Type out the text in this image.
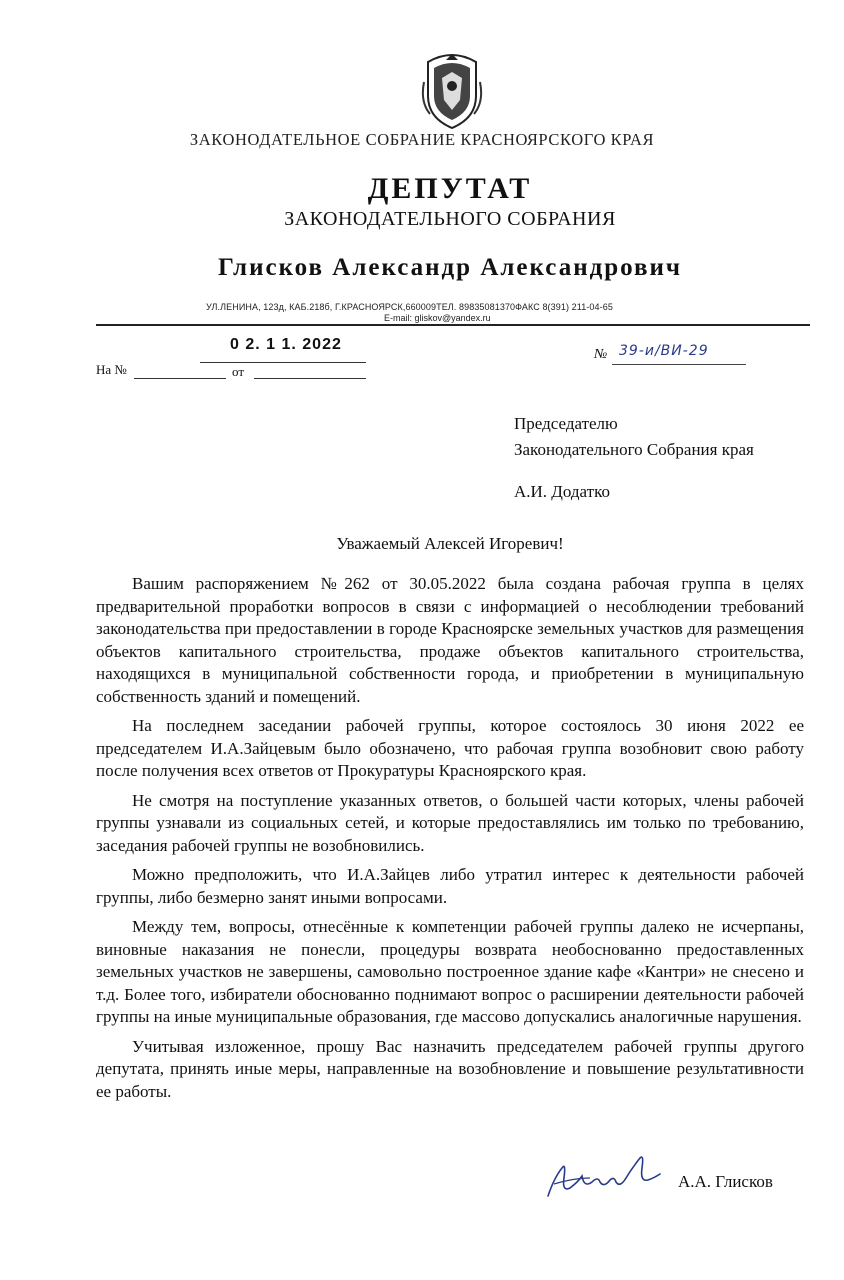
ЗАКОНОДАТЕЛЬНОЕ СОБРАНИЕ КРАСНОЯРСКОГО КРАЯ
ДЕПУТАТ
ЗАКОНОДАТЕЛЬНОГО СОБРАНИЯ
Глисков Александр Александрович
УЛ.ЛЕНИНА, 123д, КАБ.218б, Г.КРАСНОЯРСК,660009ТЕЛ. 89835081370ФАКС 8(391) 211-04-65
E-mail: gliskov@yandex.ru
0 2. 1 1. 2022
На №	от
№ 39-и/ВИ-29
Председателю
Законодательного Собрания края
А.И. Додатко
Уважаемый Алексей Игоревич!

Вашим распоряжением №262 от 30.05.2022 была создана рабочая группа в целях предварительной проработки вопросов в связи с информацией о несоблюдении требований законодательства при предоставлении в городе Красноярске земельных участков для размещения объектов капитального строительства, продаже объектов капитального строительства, находящихся в муниципальной собственности города, и приобретении в муниципальную собственность зданий и помещений.

На последнем заседании рабочей группы, которое состоялось 30 июня 2022 ее председателем И.А.Зайцевым было обозначено, что рабочая группа возобновит свою работу после получения всех ответов от Прокуратуры Красноярского края.

Не смотря на поступление указанных ответов, о большей части которых, члены рабочей группы узнавали из социальных сетей, и которые предоставлялись им только по требованию, заседания рабочей группы не возобновились.

Можно предположить, что И.А.Зайцев либо утратил интерес к деятельности рабочей группы, либо безмерно занят иными вопросами.

Между тем, вопросы, отнесённые к компетенции рабочей группы далеко не исчерпаны, виновные наказания не понесли, процедуры возврата необоснованно предоставленных земельных участков не завершены, самовольно построенное здание кафе «Кантри» не снесено и т.д. Более того, избиратели обоснованно поднимают вопрос о расширении деятельности рабочей группы на иные муниципальные образования, где массово допускались аналогичные нарушения.

Учитывая изложенное, прошу Вас назначить председателем рабочей группы другого депутата, принять иные меры, направленные на возобновление и повышение результативности ее работы.

А.А. Глисков
